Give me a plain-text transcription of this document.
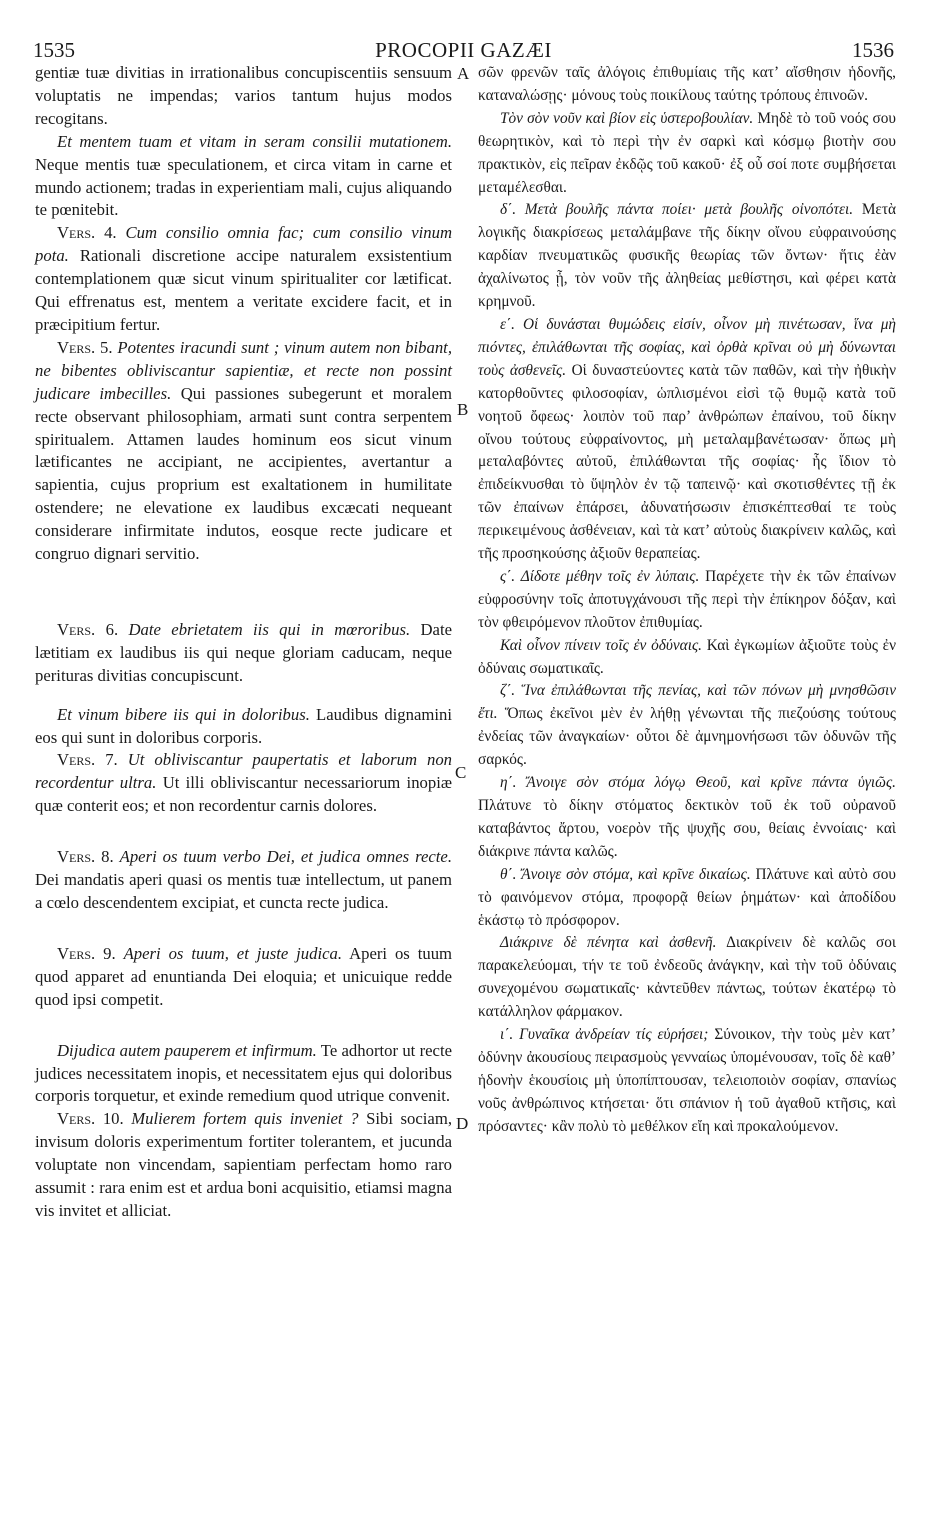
1535	PROCOPII GAZÆI	1536
A
B
C
D

gentiæ tuæ divitias in irrationalibus concupiscentiis sensuum voluptatis ne impendas; varios tantum hujus modos recogitans.

Et mentem tuam et vitam in seram consilii mutationem. Neque mentis tuæ speculationem, et circa vitam in carne et mundo actionem; tradas in experientiam mali, cujus aliquando te pœnitebit.

Vers. 4. Cum consilio omnia fac; cum consilio vinum pota. Rationali discretione accipe naturalem exsistentium contemplationem quæ sicut vinum spiritualiter cor lætificat. Qui effrenatus est, mentem a veritate excidere facit, et in præcipitium fertur.

Vers. 5. Potentes iracundi sunt ; vinum autem non bibant, ne bibentes obliviscantur sapientiæ, et recte non possint judicare imbecilles. Qui passiones subegerunt et moralem recte observant philosophiam, armati sunt contra serpentem spiritualem. Attamen laudes hominum eos sicut vinum lætificantes ne accipiant, ne accipientes, avertantur a sapientia, cujus proprium est exaltationem in humilitate ostendere; ne elevatione ex laudibus excæcati nequeant considerare infirmitate indutos, eosque recte judicare et congruo dignari servitio.

Vers. 6. Date ebrietatem iis qui in mœroribus. Date lætitiam ex laudibus iis qui neque gloriam caducam, neque perituras divitias concupiscunt.

Et vinum bibere iis qui in doloribus. Laudibus dignamini eos qui sunt in doloribus corporis.

Vers. 7. Ut obliviscantur paupertatis et laborum non recordentur ultra. Ut illi obliviscantur necessariorum inopiæ quæ conterit eos; et non recordentur carnis dolores.

Vers. 8. Aperi os tuum verbo Dei, et judica omnes recte. Dei mandatis aperi quasi os mentis tuæ intellectum, ut panem a cœlo descendentem excipiat, et cuncta recte judica.

Vers. 9. Aperi os tuum, et juste judica. Aperi os tuum quod apparet ad enuntianda Dei eloquia; et unicuique redde quod ipsi competit.

Dijudica autem pauperem et infirmum. Te adhortor ut recte judices necessitatem inopis, et necessitatem ejus qui doloribus corporis torquetur, et exinde remedium quod utrique convenit.

Vers. 10. Mulierem fortem quis inveniet ? Sibi sociam, invisum doloris experimentum fortiter tolerantem, et jucunda voluptate non vincendam, sapientiam perfectam homo raro assumit : rara enim est et ardua boni acquisitio, etiamsi magna vis invitet et alliciat.

σῶν φρενῶν ταῖς ἀλόγοις ἐπιθυμίαις τῆς κατ’ αἴσθησιν ἡδονῆς, καταναλώσῃς· μόνους τοὺς ποικίλους ταύτης τρόπους ἐπινοῶν.

Τὸν σὸν νοῦν καὶ βίον εἰς ὑστεροβουλίαν. Μηδὲ τὸ τοῦ νοός σου θεωρητικὸν, καὶ τὸ περὶ τὴν ἐν σαρκὶ καὶ κόσμῳ βιοτὴν σου πρακτικὸν, εἰς πεῖραν ἐκδῷς τοῦ κακοῦ· ἐξ οὗ σοί ποτε συμβήσεται μεταμέλεσθαι.

δ΄. Μετὰ βουλῆς πάντα ποίει· μετὰ βουλῆς οἰνοπότει. Μετὰ λογικῆς διακρίσεως μεταλάμβανε τῆς δίκην οἴνου εὐφραινούσης καρδίαν πνευματικῶς φυσικῆς θεωρίας τῶν ὄντων· ἥτις ἐὰν ἀχαλίνωτος ᾖ, τὸν νοῦν τῆς ἀληθείας μεθίστησι, καὶ φέρει κατὰ κρημνοῦ.

ε΄. Οἱ δυνάσται θυμώδεις εἰσίν, οἶνον μὴ πινέτωσαν, ἵνα μὴ πιόντες, ἐπιλάθωνται τῆς σοφίας, καὶ ὀρθὰ κρῖναι οὐ μὴ δύνωνται τοὺς ἀσθενεῖς. Οἱ δυναστεύοντες κατὰ τῶν παθῶν, καὶ τὴν ἠθικὴν κατορθοῦντες φιλοσοφίαν, ὡπλισμένοι εἰσὶ τῷ θυμῷ κατὰ τοῦ νοητοῦ ὄφεως· λοιπὸν τοῦ παρ’ ἀνθρώπων ἐπαίνου, τοῦ δίκην οἴνου τούτους εὐφραίνοντος, μὴ μεταλαμβανέτωσαν· ὅπως μὴ μεταλαβόντες αὐτοῦ, ἐπιλάθωνται τῆς σοφίας· ἧς ἴδιον τὸ ἐπιδείκνυσθαι τὸ ὕψηλὸν ἐν τῷ ταπεινῷ· καὶ σκοτισθέντες τῇ ἐκ τῶν ἐπαίνων ἐπάρσει, ἀδυνατήσωσιν ἐπισκέπτεσθαί τε τοὺς περικειμένους ἀσθένειαν, καὶ τὰ κατ’ αὐτοὺς διακρίνειν καλῶς, καὶ τῆς προσηκούσης ἀξιοῦν θεραπείας.

ς΄. Δίδοτε μέθην τοῖς ἐν λύπαις. Παρέχετε τὴν ἐκ τῶν ἐπαίνων εὐφροσύνην τοῖς ἀποτυγχάνουσι τῆς περὶ τὴν ἐπίκηρον δόξαν, καὶ τὸν φθειρόμενον πλοῦτον ἐπιθυμίας.

Καὶ οἶνον πίνειν τοῖς ἐν ὀδύναις. Καὶ ἐγκωμίων ἀξιοῦτε τοὺς ἐν ὀδύναις σωματικαῖς.

ζ΄. Ἵνα ἐπιλάθωνται τῆς πενίας, καὶ τῶν πόνων μὴ μνησθῶσιν ἔτι. Ὅπως ἐκεῖνοι μὲν ἐν λήθῃ γένωνται τῆς πιεζούσης τούτους ἐνδείας τῶν ἀναγκαίων· οὗτοι δὲ ἀμνημονήσωσι τῶν ὀδυνῶν τῆς σαρκός.

η΄. Ἄνοιγε σὸν στόμα λόγῳ Θεοῦ, καὶ κρῖνε πάντα ὑγιῶς. Πλάτυνε τὸ δίκην στόματος δεκτικὸν τοῦ ἐκ τοῦ οὐρανοῦ καταβάντος ἄρτου, νοερὸν τῆς ψυχῆς σου, θείαις ἐννοίαις· καὶ διάκρινε πάντα καλῶς.

θ΄. Ἄνοιγε σὸν στόμα, καὶ κρῖνε δικαίως. Πλάτυνε καὶ αὐτὸ σου τὸ φαινόμενον στόμα, προφορᾷ θείων ῥημάτων· καὶ ἀποδίδου ἑκάστῳ τὸ πρόσφορον.

Διάκρινε δὲ πένητα καὶ ἀσθενῆ. Διακρίνειν δὲ καλῶς σοι παρακελεύομαι, τήν τε τοῦ ἐνδεοῦς ἀνάγκην, καὶ τὴν τοῦ ὀδύναις συνεχομένου σωματικαῖς· κἀντεῦθεν πάντως, τούτων ἑκατέρῳ τὸ κατάλληλον φάρμακον.

ι΄. Γυναῖκα ἀνδρείαν τίς εὑρήσει; Σύνοικον, τὴν τοὺς μὲν κατ’ ὀδύνην ἀκουσίους πειρασμοὺς γενναίως ὑπομένουσαν, τοῖς δὲ καθ’ ἡδονὴν ἑκουσίοις μὴ ὑποπίπτουσαν, τελειοποιὸν σοφίαν, σπανίως νοῦς ἀνθρώπινος κτήσεται· ὅτι σπάνιον ἡ τοῦ ἀγαθοῦ κτῆσις, καὶ πρόσαντες· κἂν πολὺ τὸ μεθέλκον εἴη καὶ προκαλούμενον.
